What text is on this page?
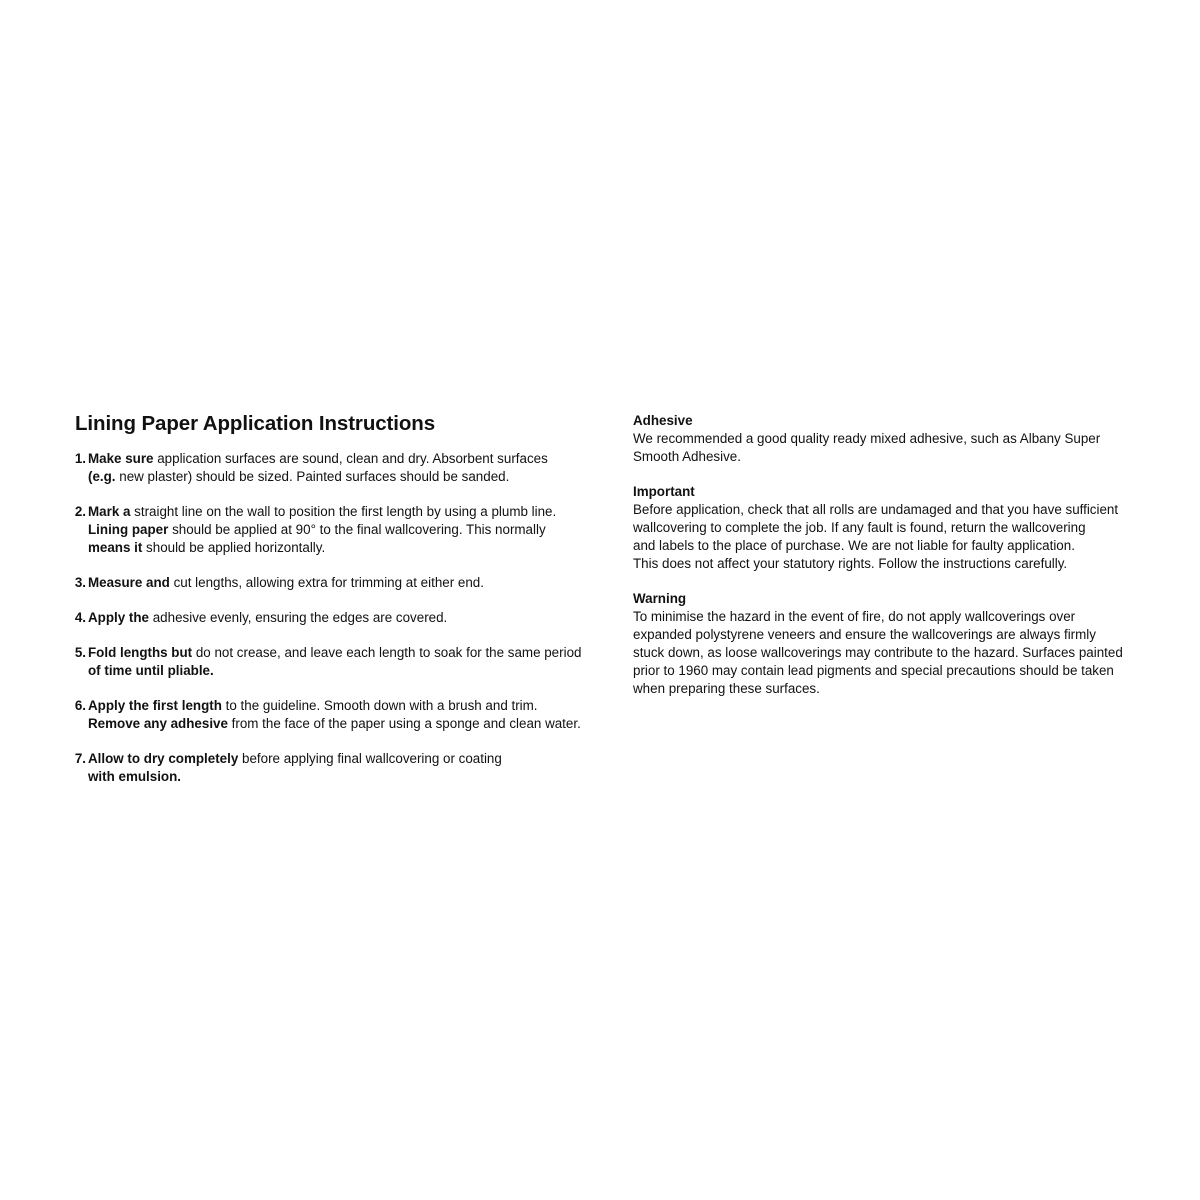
Lining Paper Application Instructions
1. Make sure application surfaces are sound, clean and dry. Absorbent surfaces
(e.g. new plaster) should be sized. Painted surfaces should be sanded.
2. Mark a straight line on the wall to position the first length by using a plumb line.
Lining paper should be applied at 90° to the final wallcovering. This normally
means it should be applied horizontally.
3. Measure and cut lengths, allowing extra for trimming at either end.
4. Apply the adhesive evenly, ensuring the edges are covered.
5. Fold lengths but do not crease, and leave each length to soak for the same period
of time until pliable.
6. Apply the first length to the guideline. Smooth down with a brush and trim.
Remove any adhesive from the face of the paper using a sponge and clean water.
7. Allow to dry completely before applying final wallcovering or coating
with emulsion.
Adhesive
We recommended a good quality ready mixed adhesive, such as Albany Super
Smooth Adhesive.
Important
Before application, check that all rolls are undamaged and that you have sufficient
wallcovering to complete the job. If any fault is found, return the wallcovering
and labels to the place of purchase. We are not liable for faulty application.
This does not affect your statutory rights. Follow the instructions carefully.
Warning
To minimise the hazard in the event of fire, do not apply wallcoverings over
expanded polystyrene veneers and ensure the wallcoverings are always firmly
stuck down, as loose wallcoverings may contribute to the hazard. Surfaces painted
prior to 1960 may contain lead pigments and special precautions should be taken
when preparing these surfaces.
